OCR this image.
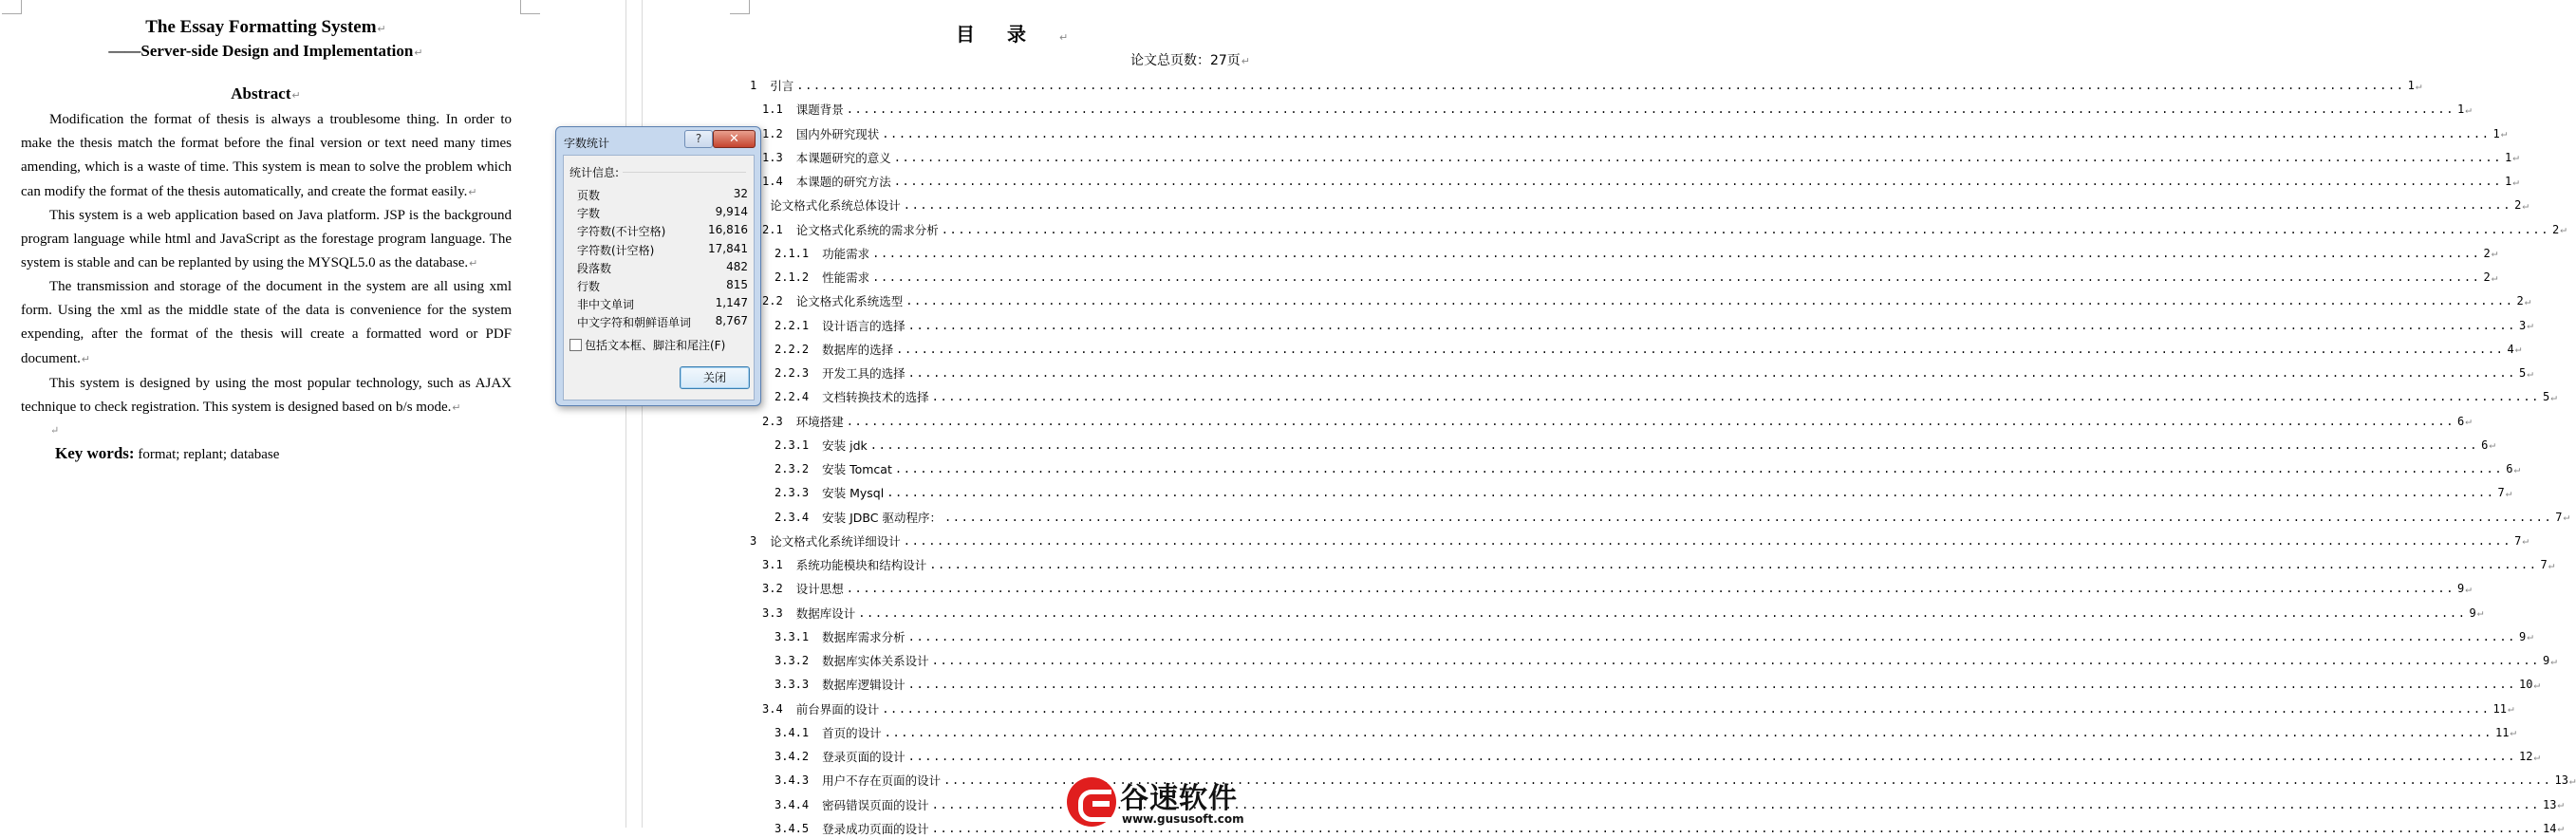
The Essay Formatting System↵
——Server-side Design and Implementation↵
Abstract↵
Modification the format of thesis is always a troublesome thing. In order to make the thesis match the format before the final version or text need many times amending, which is a waste of time. This system is mean to solve the problem which can modify the format of the thesis automatically, and create the format easily.↵
This system is a web application based on Java platform. JSP is the background program language while html and JavaScript as the forestage program language. The system is stable and can be replanted by using the MYSQL5.0 as the database.↵
The transmission and storage of the document in the system are all using xml form. Using the xml as the middle state of the data is convenience for the system expending, after the format of the thesis will create a formatted word or PDF document.↵
This system is designed by using the most popular technology, such as AJAX technique to check registration. This system is designed based on b/s mode.↵
↵
Key words: format; replant; database
目录↵
论文总页数：27页↵
1	引言 .....	1 ↵
1.1	课题背景 .....	1 ↵
1.2	国内外研究现状 .....	1 ↵
1.3	本课题研究的意义 .....	1 ↵
1.4	本课题的研究方法 .....	1 ↵
论文格式化系统总体设计 .....	2 ↵
2.1	论文格式化系统的需求分析 .....	2 ↵
2.1.1	功能需求 .....	2 ↵
2.1.2	性能需求 .....	2 ↵
2.2	论文格式化系统选型 .....	2 ↵
2.2.1	设计语言的选择 .....	3 ↵
2.2.2	数据库的选择 .....	4 ↵
2.2.3	开发工具的选择 .....	5 ↵
2.2.4	文档转换技术的选择 .....	5 ↵
2.3	环境搭建 .....	6 ↵
2.3.1	安装 jdk .....	6 ↵
2.3.2	安装 Tomcat .....	6 ↵
2.3.3	安装 Mysql .....	7 ↵
2.3.4	安装 JDBC 驱动程序： .....	7 ↵
3	论文格式化系统详细设计 .....	7 ↵
3.1	系统功能模块和结构设计 .....	7 ↵
3.2	设计思想 .....	9 ↵
3.3	数据库设计 .....	9 ↵
3.3.1	数据库需求分析 .....	9 ↵
3.3.2	数据库实体关系设计 .....	9 ↵
3.3.3	数据库逻辑设计 .....	10 ↵
3.4	前台界面的设计 .....	11 ↵
3.4.1	首页的设计 .....	11 ↵
3.4.2	登录页面的设计 .....	12 ↵
3.4.3	用户不存在页面的设计 .....	13 ↵
3.4.4	密码错误页面的设计 .....	13 ↵
3.4.5	登录成功页面的设计 .....	14 ↵
字数统计	?	✕
统计信息:
页数	32
字数	9,914
字符数(不计空格)	16,816
字符数(计空格)	17,841
段落数	482
行数	815
非中文单词	1,147
中文字符和朝鲜语单词 8,767
包括文本框、脚注和尾注(F)
关闭
谷速软件
www.gususoft.com
